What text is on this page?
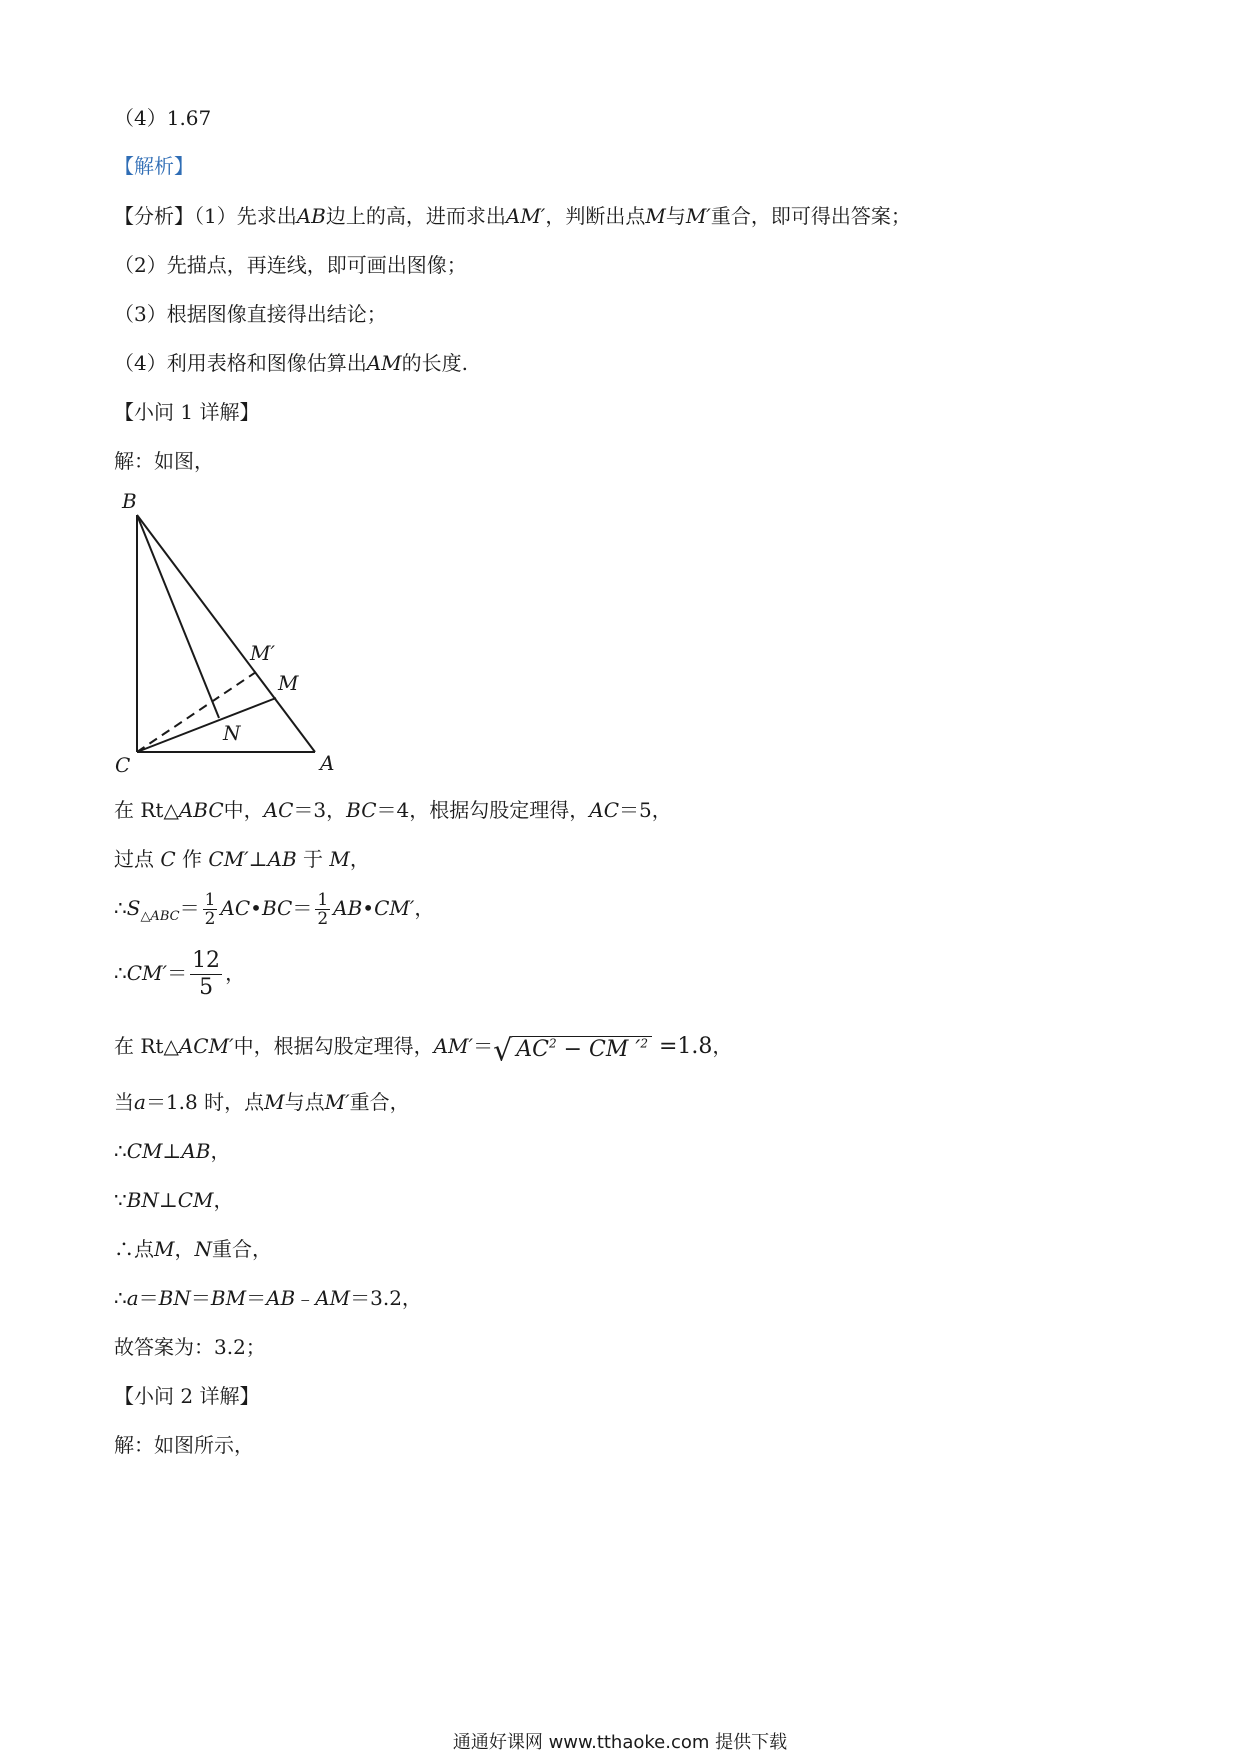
（4）1.67
【解析】
【分析】（1）先求出AB边上的高，进而求出AM′，判断出点M与M′重合，即可得出答案；
（2）先描点，再连线，即可画出图像；
（3）根据图像直接得出结论；
（4）利用表格和图像估算出AM的长度.
【小问 1 详解】
解：如图，
B
C	A
M
M′
N
在 Rt△ABC中，AC＝3，BC＝4，根据勾股定理得，AC＝5，
过点 C 作 CM′⊥AB 于 M，
$\therefore S_{\triangle ABC}= \frac{1}{2}$ AC•BC＝ $\frac{1}{2}$ AB•CM′，
∴CM′＝ $\frac{12}{5}$ ，
在 Rt△ACM′中，根据勾股定理得，AM′＝√ $AC^2$ − CM $'^2 =1.8$，
当a＝1.8 时，点M与点M′重合，
∴CM⊥AB，
∵BN⊥CM，
∴点M，N重合，
∴a＝BN＝BM＝AB﹣AM＝3.2，
故答案为：3.2；
【小问 2 详解】
解：如图所示，
通通好课网 www.tthaoke.com 提供下载
